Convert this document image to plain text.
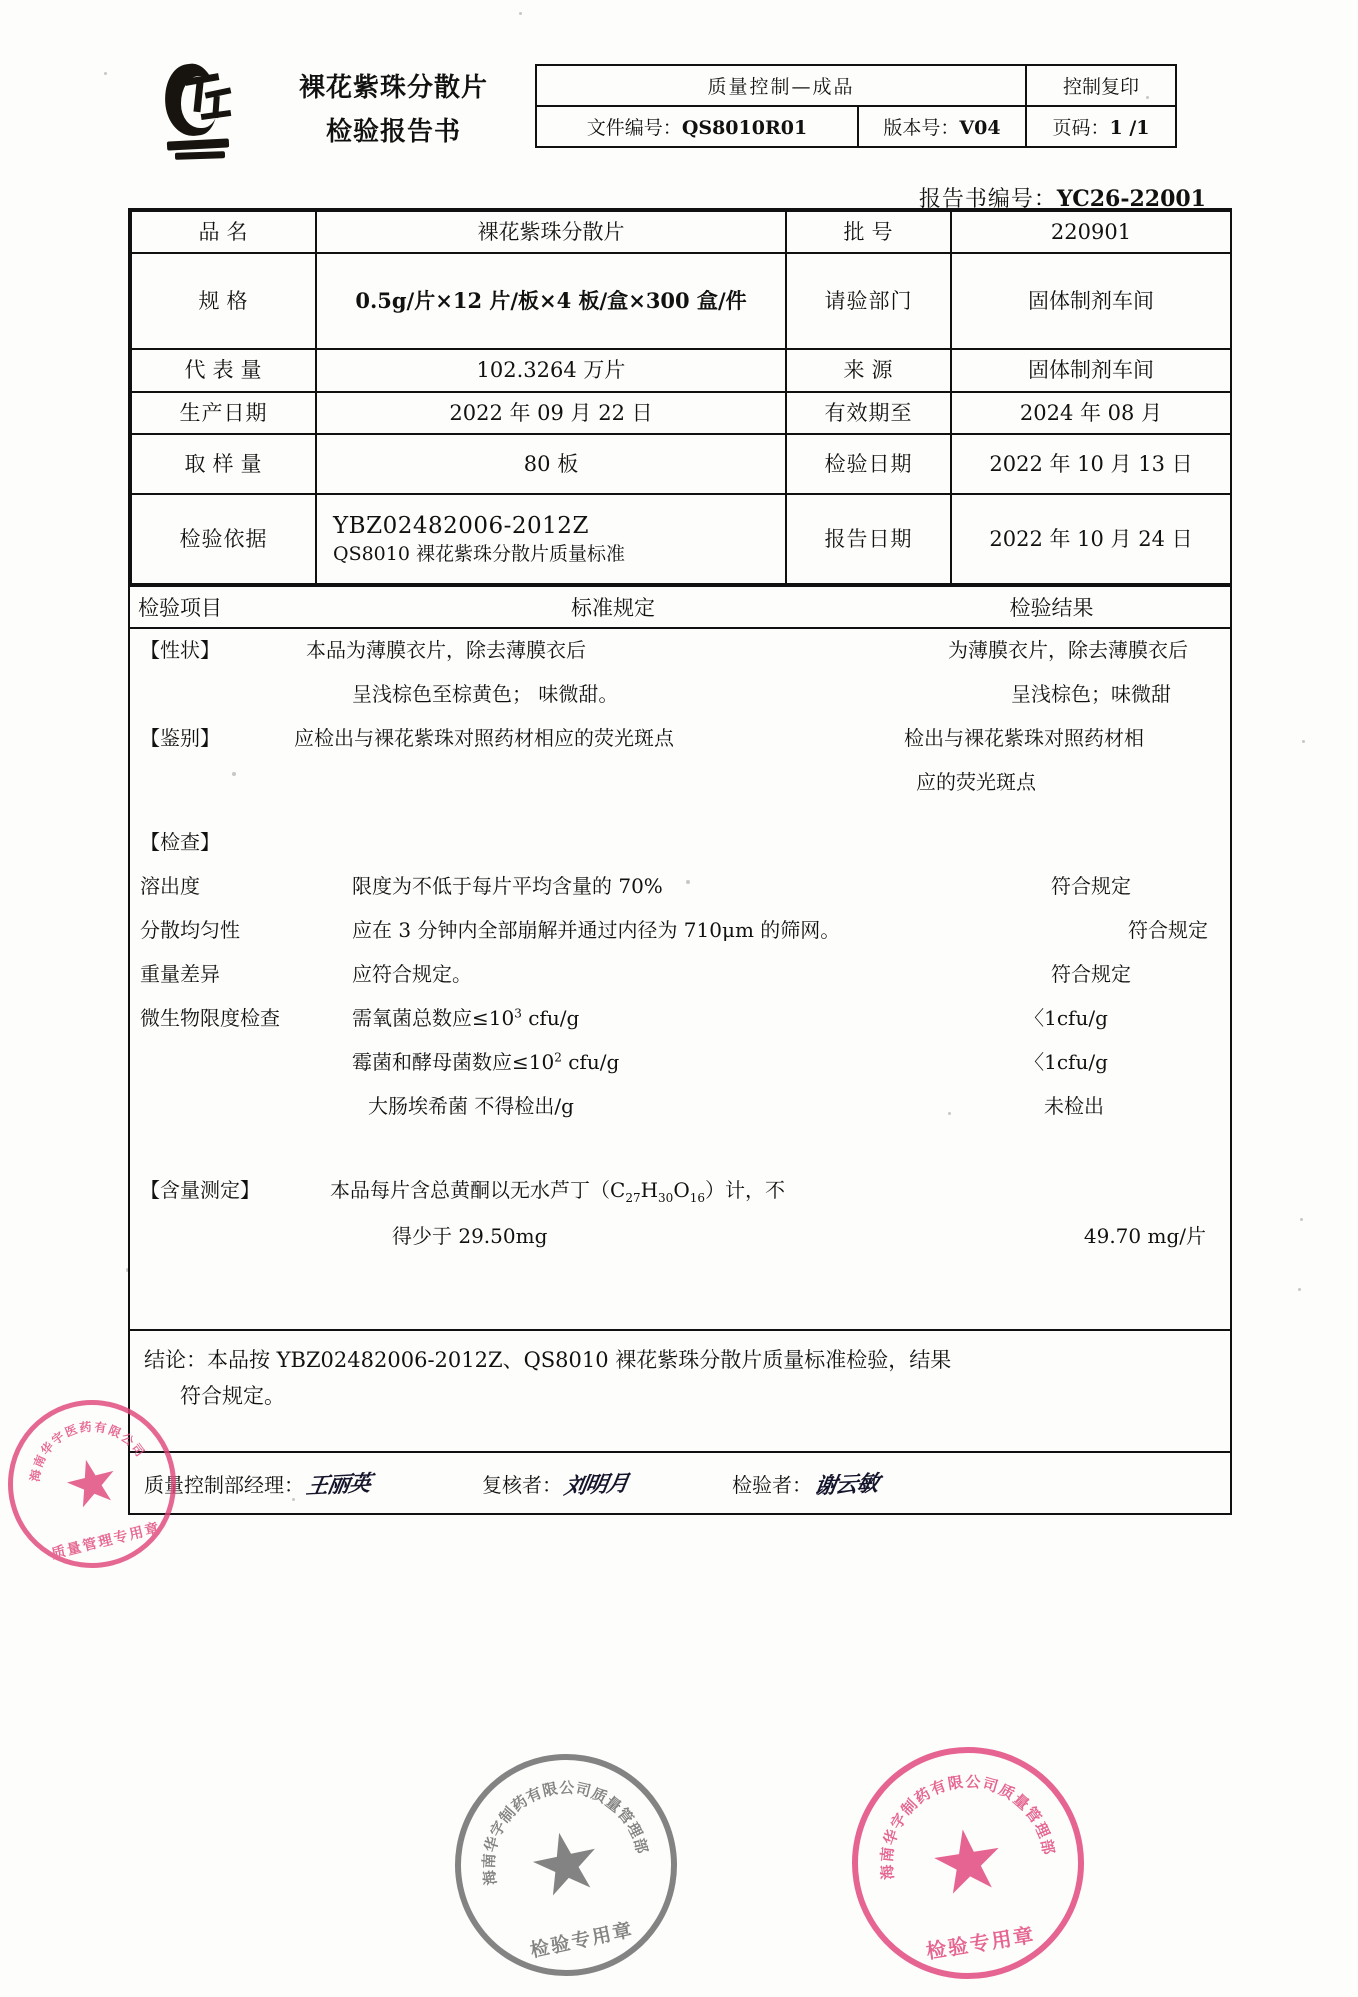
裸花紫珠分散片
检验报告书
质量控制—成品		控制复印
文件编号：QS8010R01	版本号：V04	页码：1 /1
报告书编号：YC26-22001
品名	裸花紫珠分散片	批号	220901
规格	0.5g/片×12 片/板×4 板/盒×300 盒/件	请验部门	固体制剂车间
代表量	102.3264 万片	来源	固体制剂车间
生产日期	2022 年 09 月 22 日	有效期至	2024 年 08 月
取样量	80 板	检验日期	2022 年 10 月 13 日
检验依据	YBZ02482006-2012Z
QS8010 裸花紫珠分散片质量标准	报告日期	2022 年 10 月 24 日
检验项目	标准规定	检验结果
【性状】	本品为薄膜衣片，除去薄膜衣后	为薄膜衣片，除去薄膜衣后
呈浅棕色至棕黄色； 味微甜。	呈浅棕色；味微甜
【鉴别】	应检出与裸花紫珠对照药材相应的荧光斑点	检出与裸花紫珠对照药材相
应的荧光斑点
【检查】
溶出度	限度为不低于每片平均含量的 70%	符合规定
分散均匀性	应在 3 分钟内全部崩解并通过内径为 710μm 的筛网。	符合规定
重量差异	应符合规定。	符合规定
微生物限度检查	需氧菌总数应$\le 10^3$ cfu/g	〈1cfu/g
霉菌和酵母菌数应$\le 10^2$ cfu/g	〈1cfu/g
大肠埃希菌 不得检出/g	未检出
【含量测定】	本品每片含总黄酮以无水芦丁$(C_{27}H_{30}O_{16})$计，不
得少于 29.50mg	49.70 mg/片
海
南
华
字
制
药
有
限 公 司
质
量
管
理
部
检验专用章
海
南
华
字
制
药
有
限 公 司
质
量
管
理
部
检验专用章
结论：本品按 YBZ02482006-2012Z、QS8010 裸花紫珠分散片质量标准检验，结果
符合规定。
质量控制部经理： 王丽英	复核者： 刘明月	检验者： 谢云敏
海
南
华
宇
医 药 有 限
公
司
质量管理专用章
